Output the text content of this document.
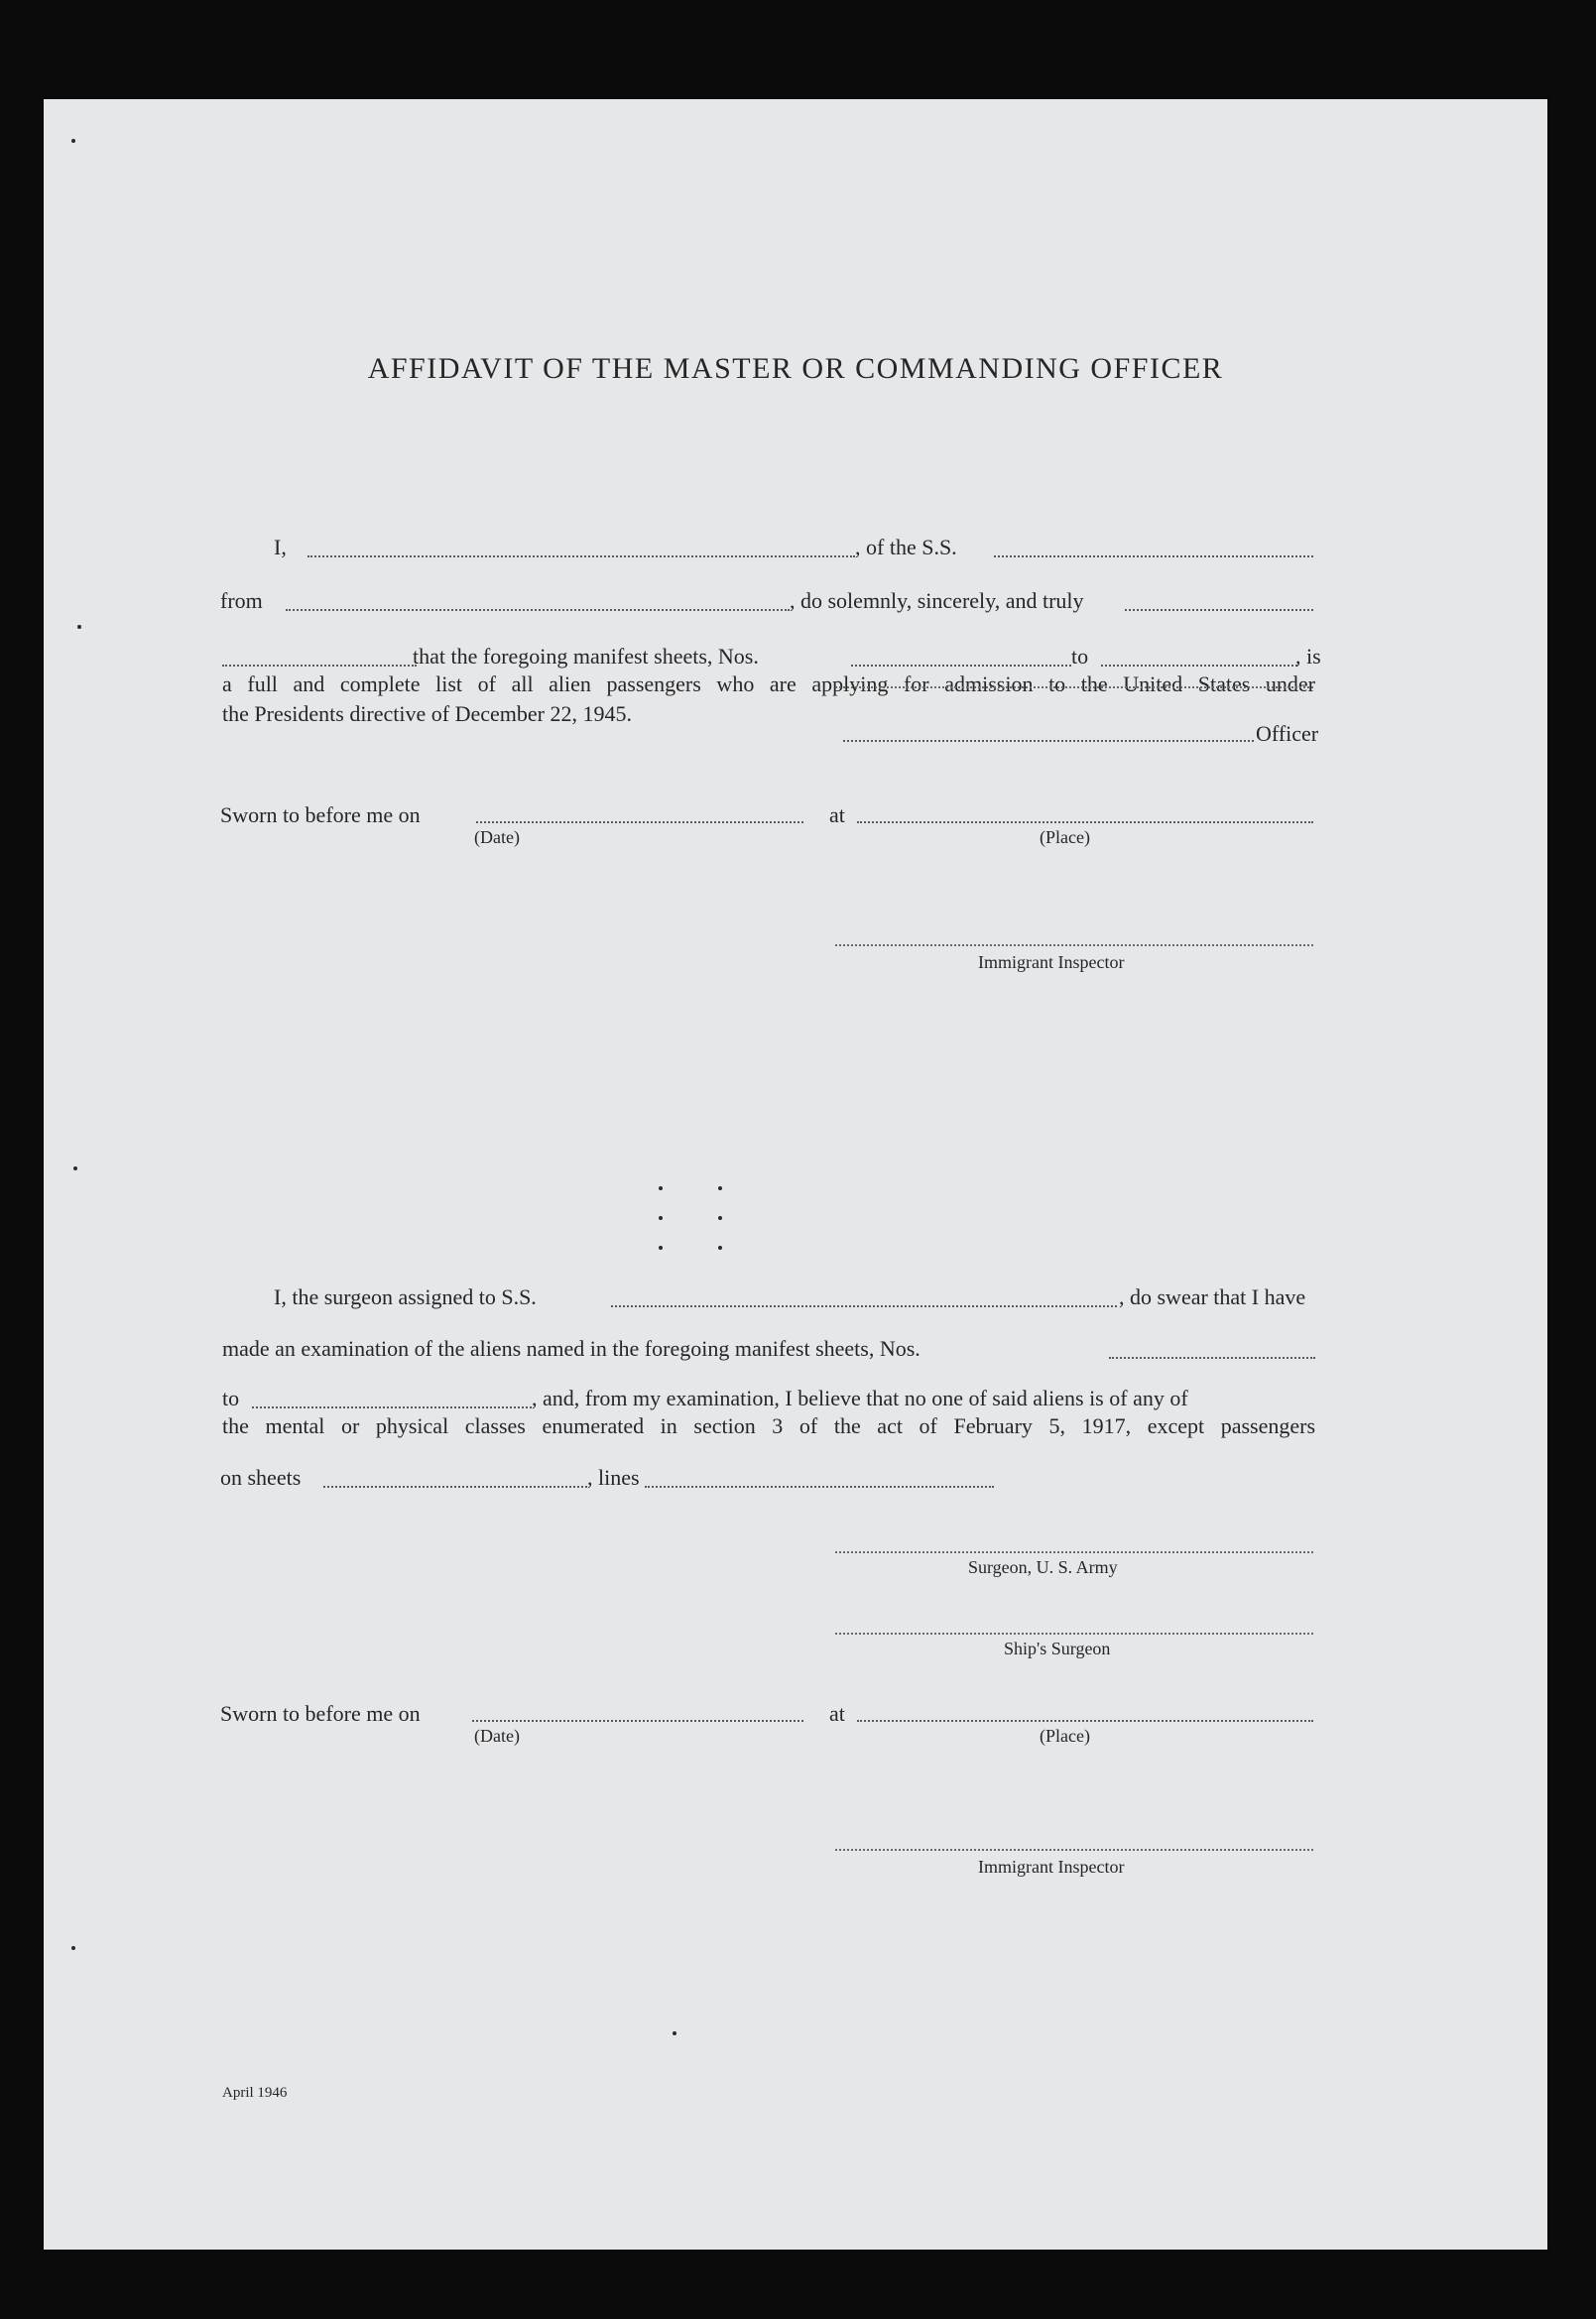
AFFIDAVIT OF THE MASTER OR COMMANDING OFFICER
I,	, of the S.S.
from	, do solemnly, sincerely, and truly
that the foregoing manifest sheets, Nos.	to	, is
a full and complete list of all alien passengers who are applying for admission to the United States under
the Presidents directive of December 22, 1945.
Officer
Sworn to before me on	at
(Date)	(Place)
Immigrant Inspector
I, the surgeon assigned to S.S.	, do swear that I have
made an examination of the aliens named in the foregoing manifest sheets, Nos.
to	, and, from my examination, I believe that no one of said aliens is of any of
the mental or physical classes enumerated in section 3 of the act of February 5, 1917, except passengers
on sheets	, lines
Surgeon, U. S. Army
Ship's Surgeon
Sworn to before me on	at
(Date)	(Place)
Immigrant Inspector
April 1946
